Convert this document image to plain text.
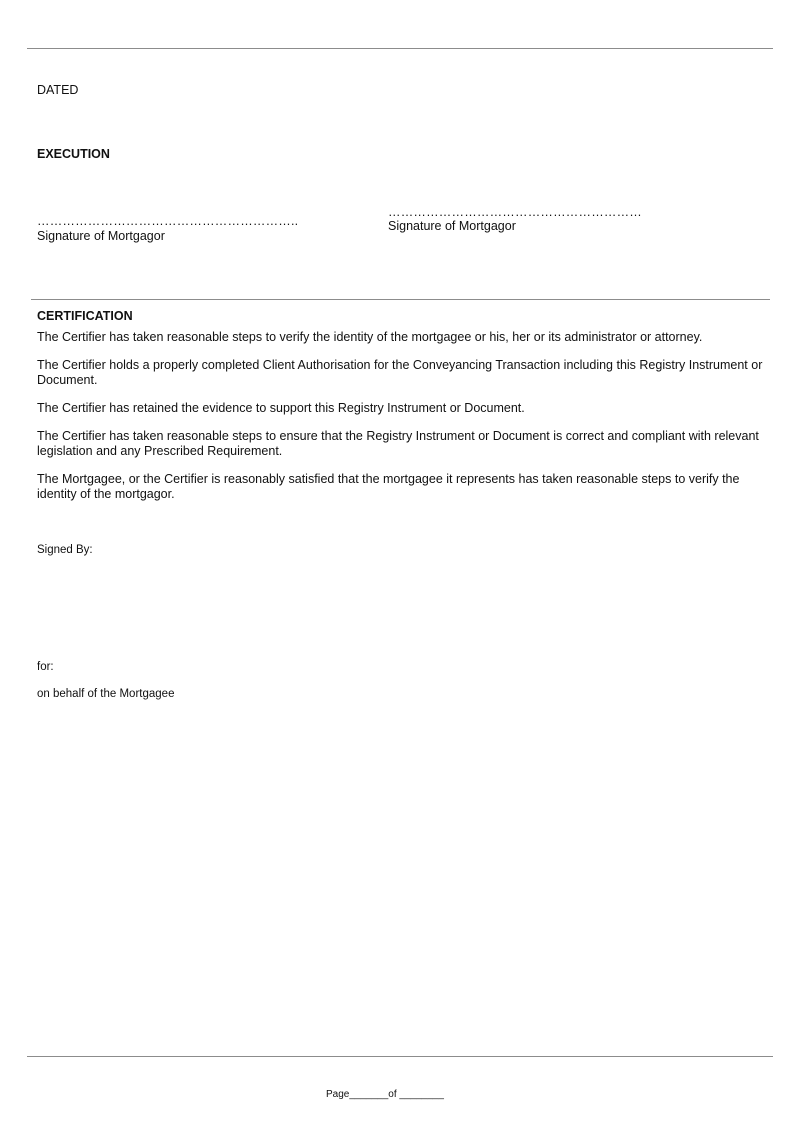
DATED
EXECUTION
……………………………………………………..
Signature of Mortgagor
……………………………………………………
Signature of Mortgagor
CERTIFICATION
The Certifier has taken reasonable steps to verify the identity of the mortgagee or his, her or its administrator or attorney.
The Certifier holds a properly completed Client Authorisation for the Conveyancing Transaction including this Registry Instrument or Document.
The Certifier has retained the evidence to support this Registry Instrument or Document.
The Certifier has taken reasonable steps to ensure that the Registry Instrument or Document is correct and compliant with relevant legislation and any Prescribed Requirement.
The Mortgagee, or the Certifier is reasonably satisfied that the mortgagee it represents has taken reasonable steps to verify the identity of the mortgagor.
Signed By:
for:
on behalf of the Mortgagee
Page_______of ________
